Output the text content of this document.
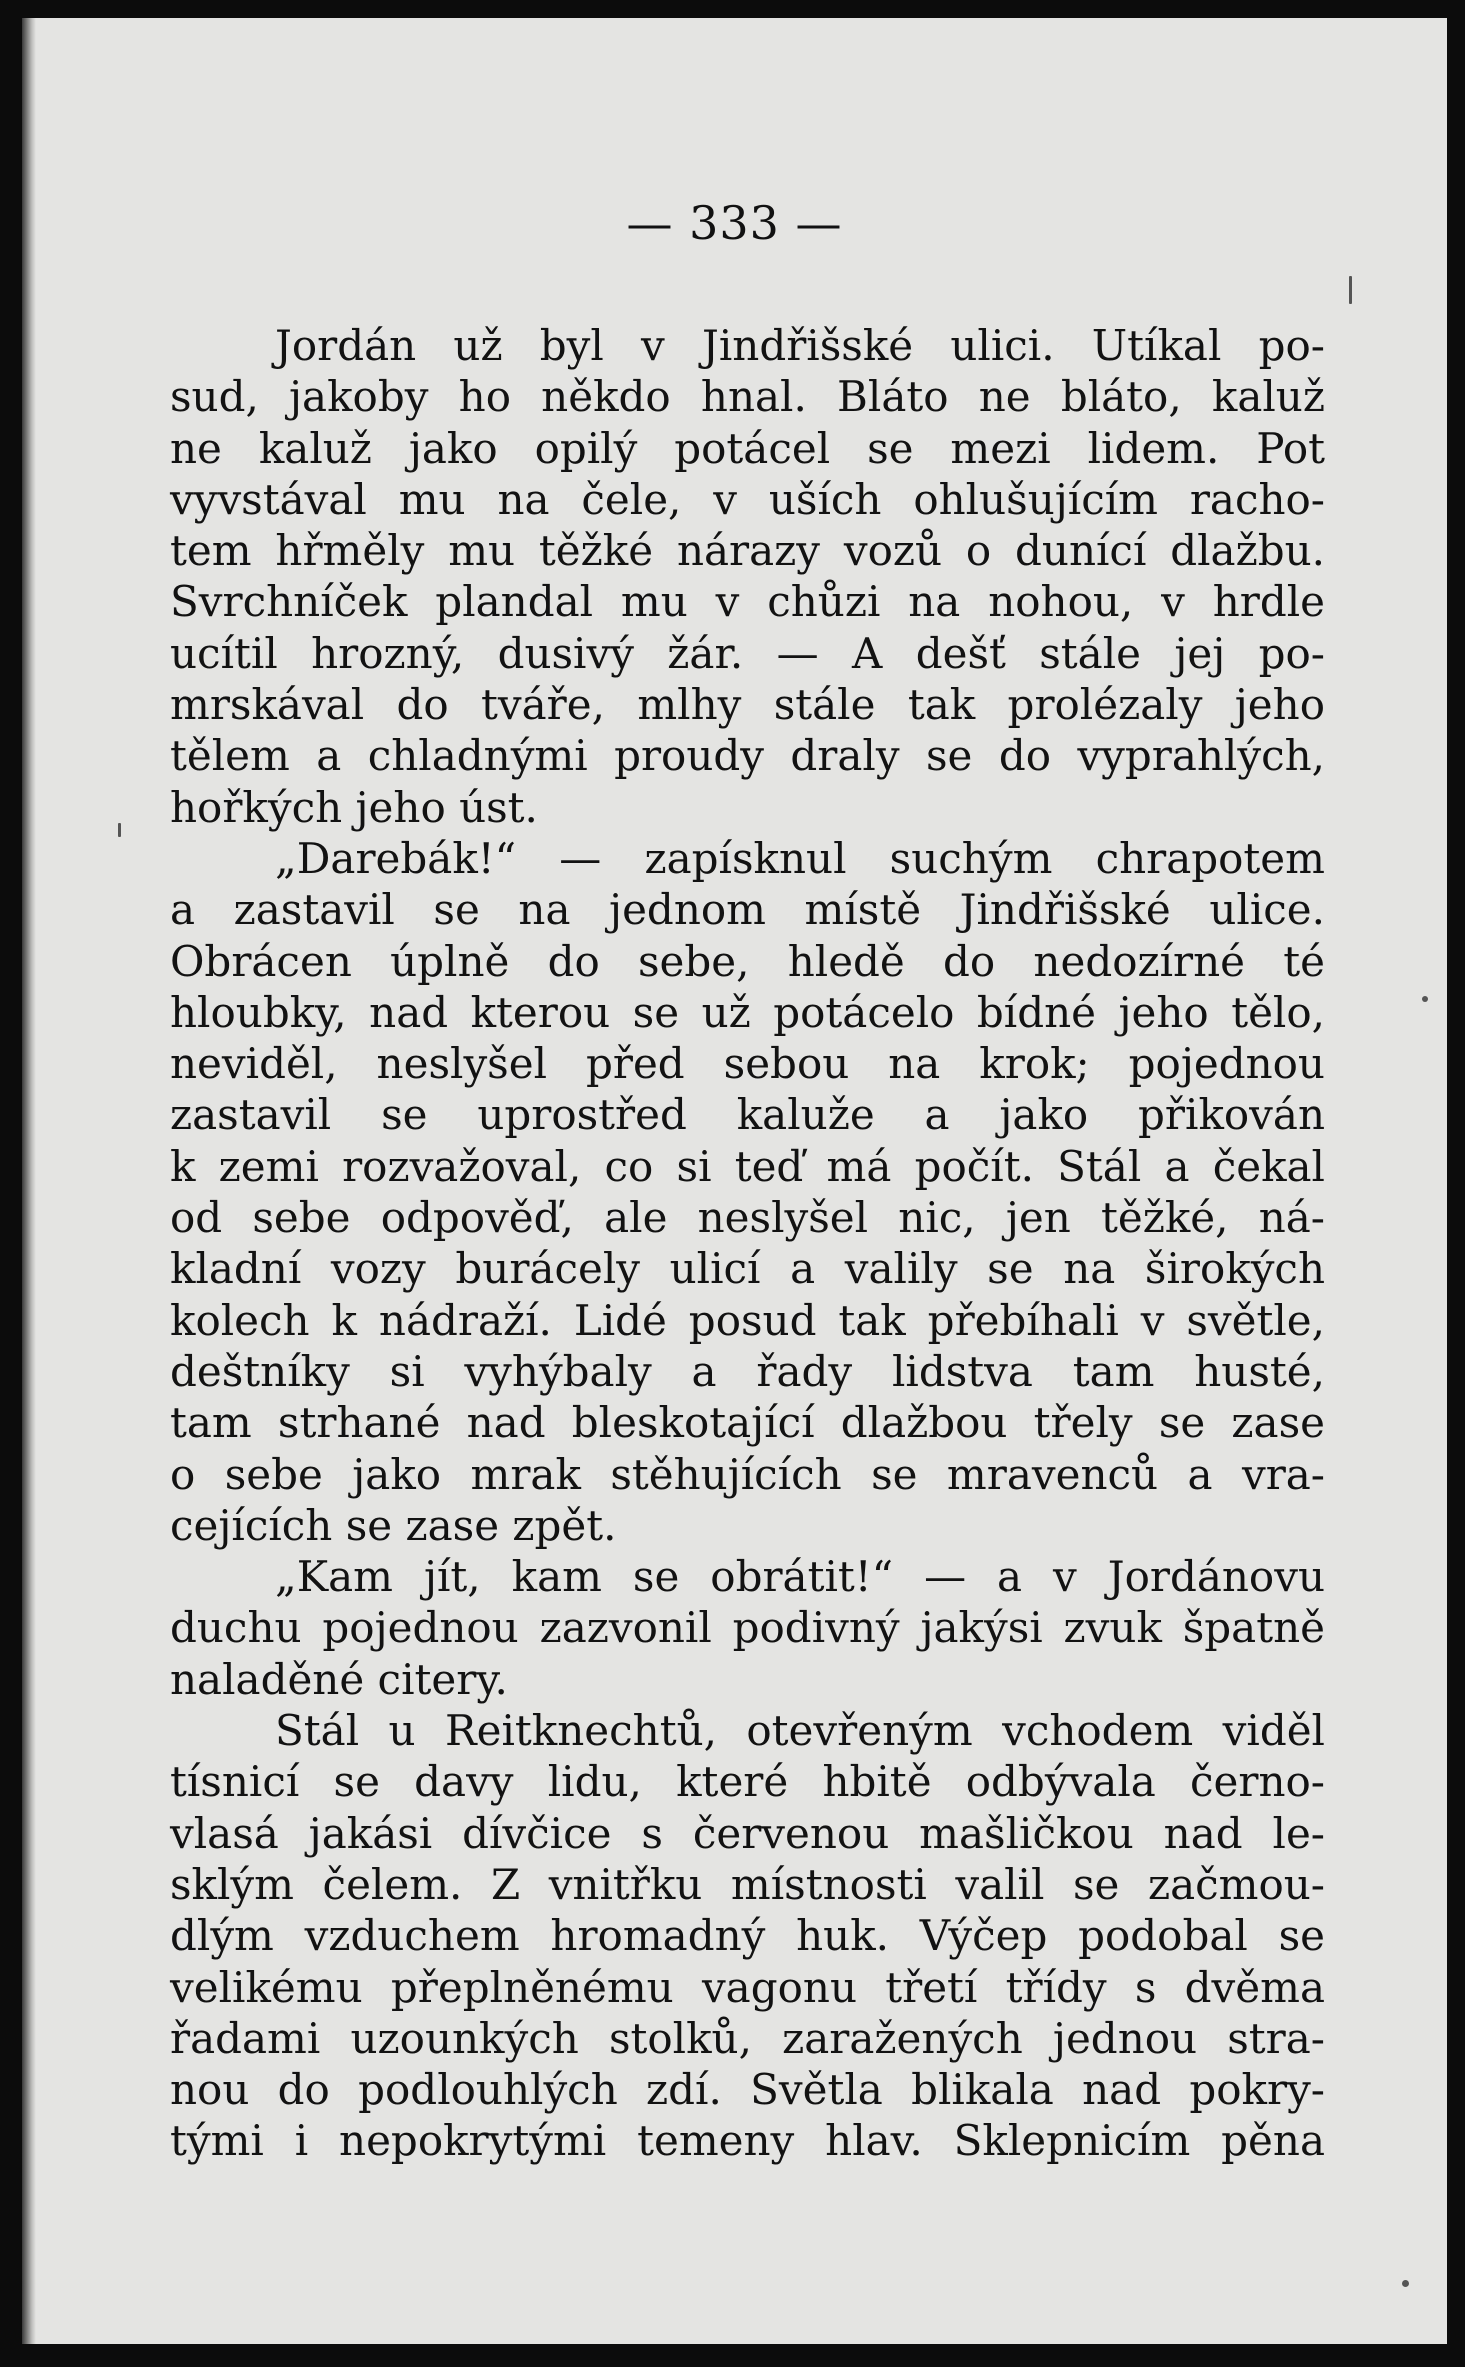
— 333 —
Jordán už byl v Jindřišské ulici. Utíkal po-
sud, jakoby ho někdo hnal. Bláto ne bláto, kaluž
ne kaluž jako opilý potácel se mezi lidem. Pot
vyvstával mu na čele, v uších ohlušujícím racho-
tem hřměly mu těžké nárazy vozů o dunící dlažbu.
Svrchníček plandal mu v chůzi na nohou, v hrdle
ucítil hrozný, dusivý žár. — A dešť stále jej po-
mrskával do tváře, mlhy stále tak prolézaly jeho
tělem a chladnými proudy draly se do vyprahlých,
hořkých jeho úst.
„Darebák!“ — zapísknul suchým chrapotem
a zastavil se na jednom místě Jindřišské ulice.
Obrácen úplně do sebe, hledě do nedozírné té
hloubky, nad kterou se už potácelo bídné jeho tělo,
neviděl, neslyšel před sebou na krok; pojednou
zastavil se uprostřed kaluže a jako přikován
k zemi rozvažoval, co si teď má počít. Stál a čekal
od sebe odpověď, ale neslyšel nic, jen těžké, ná-
kladní vozy burácely ulicí a valily se na širokých
kolech k nádraží. Lidé posud tak přebíhali v světle,
deštníky si vyhýbaly a řady lidstva tam husté,
tam strhané nad bleskotající dlažbou třely se zase
o sebe jako mrak stěhujících se mravenců a vra-
cejících se zase zpět.
„Kam jít, kam se obrátit!“ — a v Jordánovu
duchu pojednou zazvonil podivný jakýsi zvuk špatně
naladěné citery.
Stál u Reitknechtů, otevřeným vchodem viděl
tísnicí se davy lidu, které hbitě odbývala černo-
vlasá jakási dívčice s červenou mašličkou nad le-
sklým čelem. Z vnitřku místnosti valil se začmou-
dlým vzduchem hromadný huk. Výčep podobal se
velikému přeplněnému vagonu třetí třídy s dvěma
řadami uzounkých stolků, zaražených jednou stra-
nou do podlouhlých zdí. Světla blikala nad pokry-
tými i nepokrytými temeny hlav. Sklepnicím pěna
